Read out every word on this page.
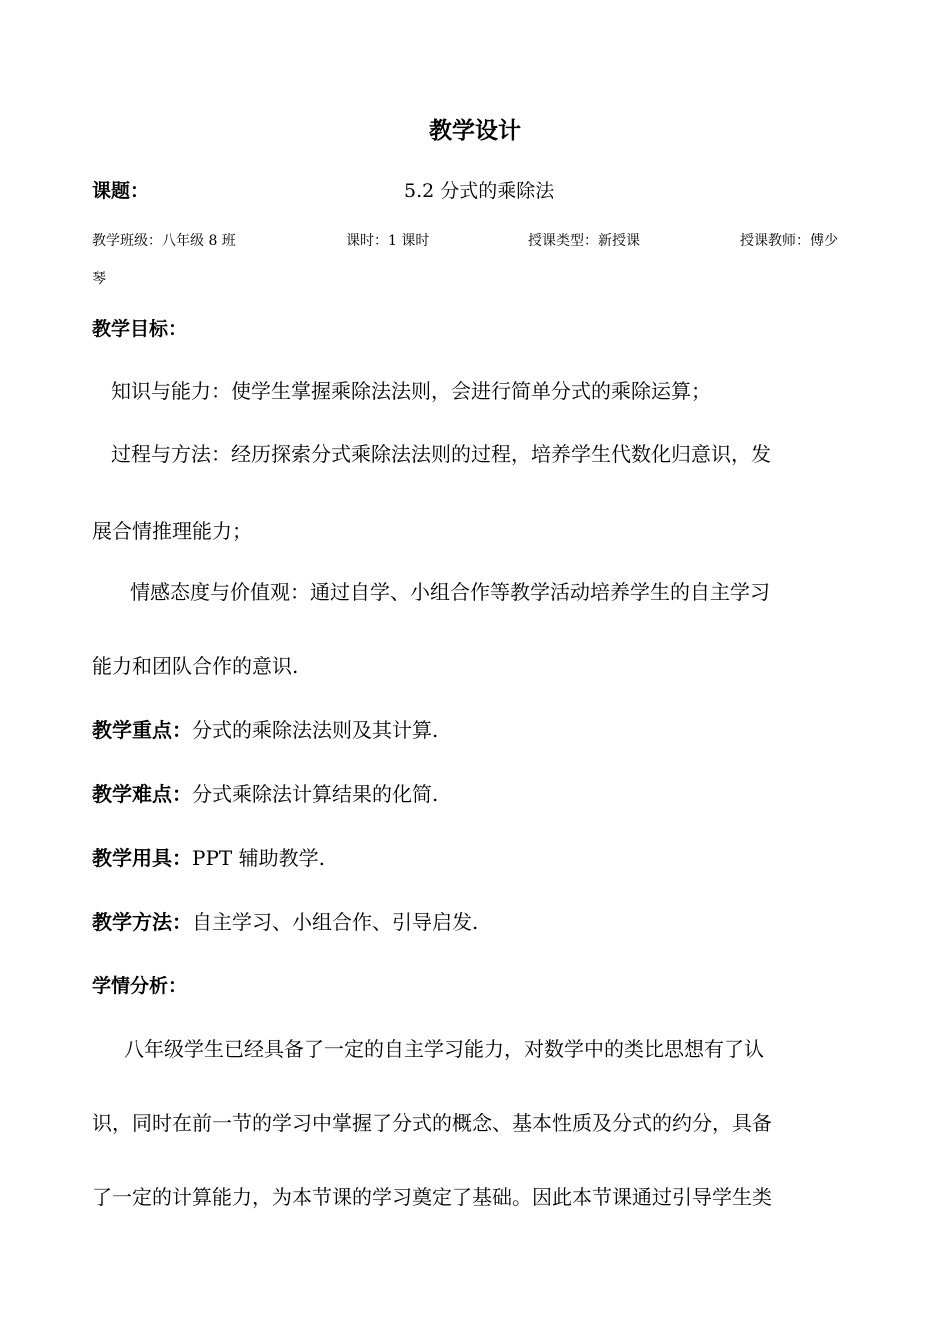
教学设计
课题：	5.2 分式的乘除法
教学班级：八年级 8 班	课时：1 课时	授课类型：新授课	授课教师：傅少
琴
教学目标：
知识与能力：使学生掌握乘除法法则，会进行简单分式的乘除运算；
过程与方法：经历探索分式乘除法法则的过程，培养学生代数化归意识，发
展合情推理能力；
情感态度与价值观：通过自学、小组合作等教学活动培养学生的自主学习
能力和团队合作的意识.
教学重点：分式的乘除法法则及其计算.
教学难点：分式乘除法计算结果的化简.
教学用具：PPT 辅助教学.
教学方法：自主学习、小组合作、引导启发.
学情分析：
八年级学生已经具备了一定的自主学习能力，对数学中的类比思想有了认
识，同时在前一节的学习中掌握了分式的概念、基本性质及分式的约分，具备
了一定的计算能力，为本节课的学习奠定了基础。因此本节课通过引导学生类
